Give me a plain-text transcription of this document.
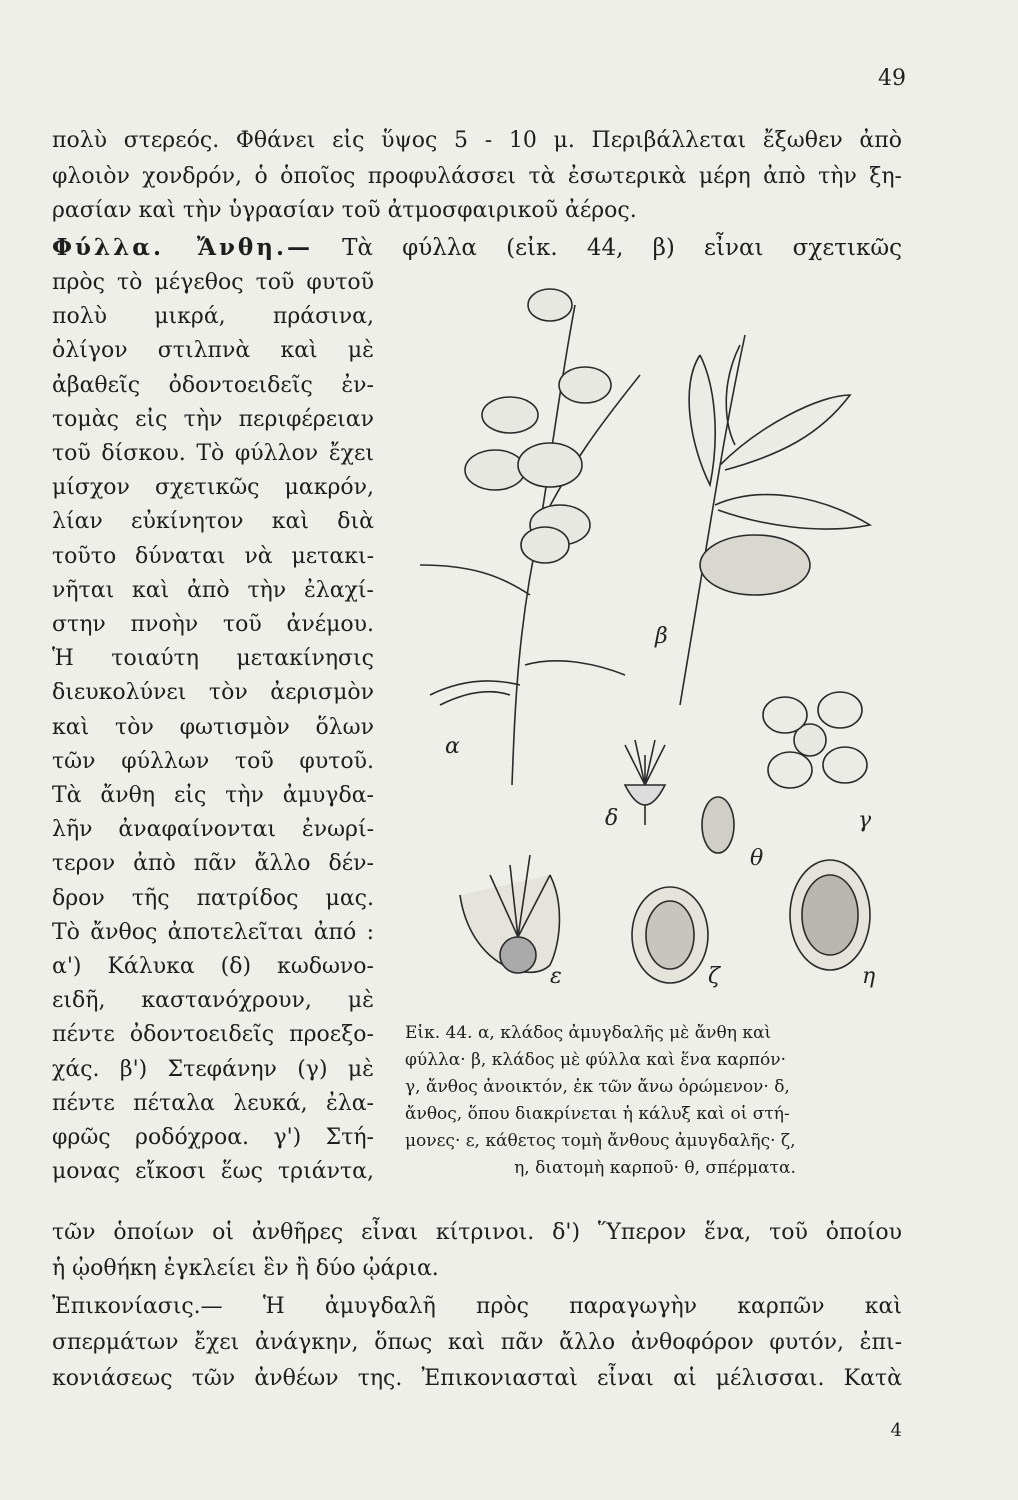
49
πολὺ στερεός. Φθάνει εἰς ὕψος 5 - 10 μ. Περιβάλλεται ἔξωθεν ἀπὸ
φλοιὸν χονδρόν, ὁ ὁποῖος προφυλάσσει τὰ ἐσωτερικὰ μέρη ἀπὸ τὴν ξη-
ρασίαν καὶ τὴν ὑγρασίαν τοῦ ἀτμοσφαιρικοῦ ἀέρος.
Φύλλα. Ἄνθη.— Τὰ φύλλα (εἰκ. 44, β) εἶναι σχετικῶς
πρὸς τὸ μέγεθος τοῦ φυτοῦ
πολὺ μικρά, πράσινα,
ὀλίγον στιλπνὰ καὶ μὲ
ἀβαθεῖς ὀδοντοειδεῖς ἐν-
τομὰς εἰς τὴν περιφέρειαν
τοῦ δίσκου. Τὸ φύλλον ἔχει
μίσχον σχετικῶς μακρόν,
λίαν εὐκίνητον καὶ διὰ
τοῦτο δύναται νὰ μετακι-
νῆται καὶ ἀπὸ τὴν ἐλαχί-
στην πνοὴν τοῦ ἀνέμου.
Ἡ τοιαύτη μετακίνησις
διευκολύνει τὸν ἀερισμὸν
καὶ τὸν φωτισμὸν ὅλων
τῶν φύλλων τοῦ φυτοῦ.
Τὰ ἄνθη εἰς τὴν ἀμυγδα-
λῆν ἀναφαίνονται ἐνωρί-
τερον ἀπὸ πᾶν ἄλλο δέν-
δρον τῆς πατρίδος μας.
Τὸ ἄνθος ἀποτελεῖται ἀπό :
α') Κάλυκα (δ) κωδωνο-
ειδῆ, καστανόχρουν, μὲ
πέντε ὀδοντοειδεῖς προεξο-
χάς. β') Στεφάνην (γ) μὲ
πέντε πέταλα λευκά, ἐλα-
φρῶς ροδόχροα. γ') Στή-
μονας εἴκοσι ἕως τριάντα,
α
β
γ
δ
θ
ε	ζ	η
Εἰκ. 44. α, κλάδος ἀμυγδαλῆς μὲ ἄνθη καὶ
φύλλα· β, κλάδος μὲ φύλλα καὶ ἕνα καρπόν·
γ, ἄνθος ἀνοικτόν, ἐκ τῶν ἄνω ὁρώμενον· δ,
ἄνθος, ὅπου διακρίνεται ἡ κάλυξ καὶ οἱ στή-
μονες· ε, κάθετος τομὴ ἄνθους ἀμυγδαλῆς· ζ,
η, διατομὴ καρποῦ· θ, σπέρματα.
τῶν ὁποίων οἱ ἀνθῆρες εἶναι κίτρινοι. δ') Ὕπερον ἕνα, τοῦ ὁποίου
ἡ ᾠοθήκη ἐγκλείει ἓν ἢ δύο ᾠάρια.
Ἐπικονίασις.— Ἡ ἀμυγδαλῆ πρὸς παραγωγὴν καρπῶν καὶ
σπερμάτων ἔχει ἀνάγκην, ὅπως καὶ πᾶν ἄλλο ἀνθοφόρον φυτόν, ἐπι-
κονιάσεως τῶν ἀνθέων της. Ἐπικονιασταὶ εἶναι αἱ μέλισσαι. Κατὰ
4
